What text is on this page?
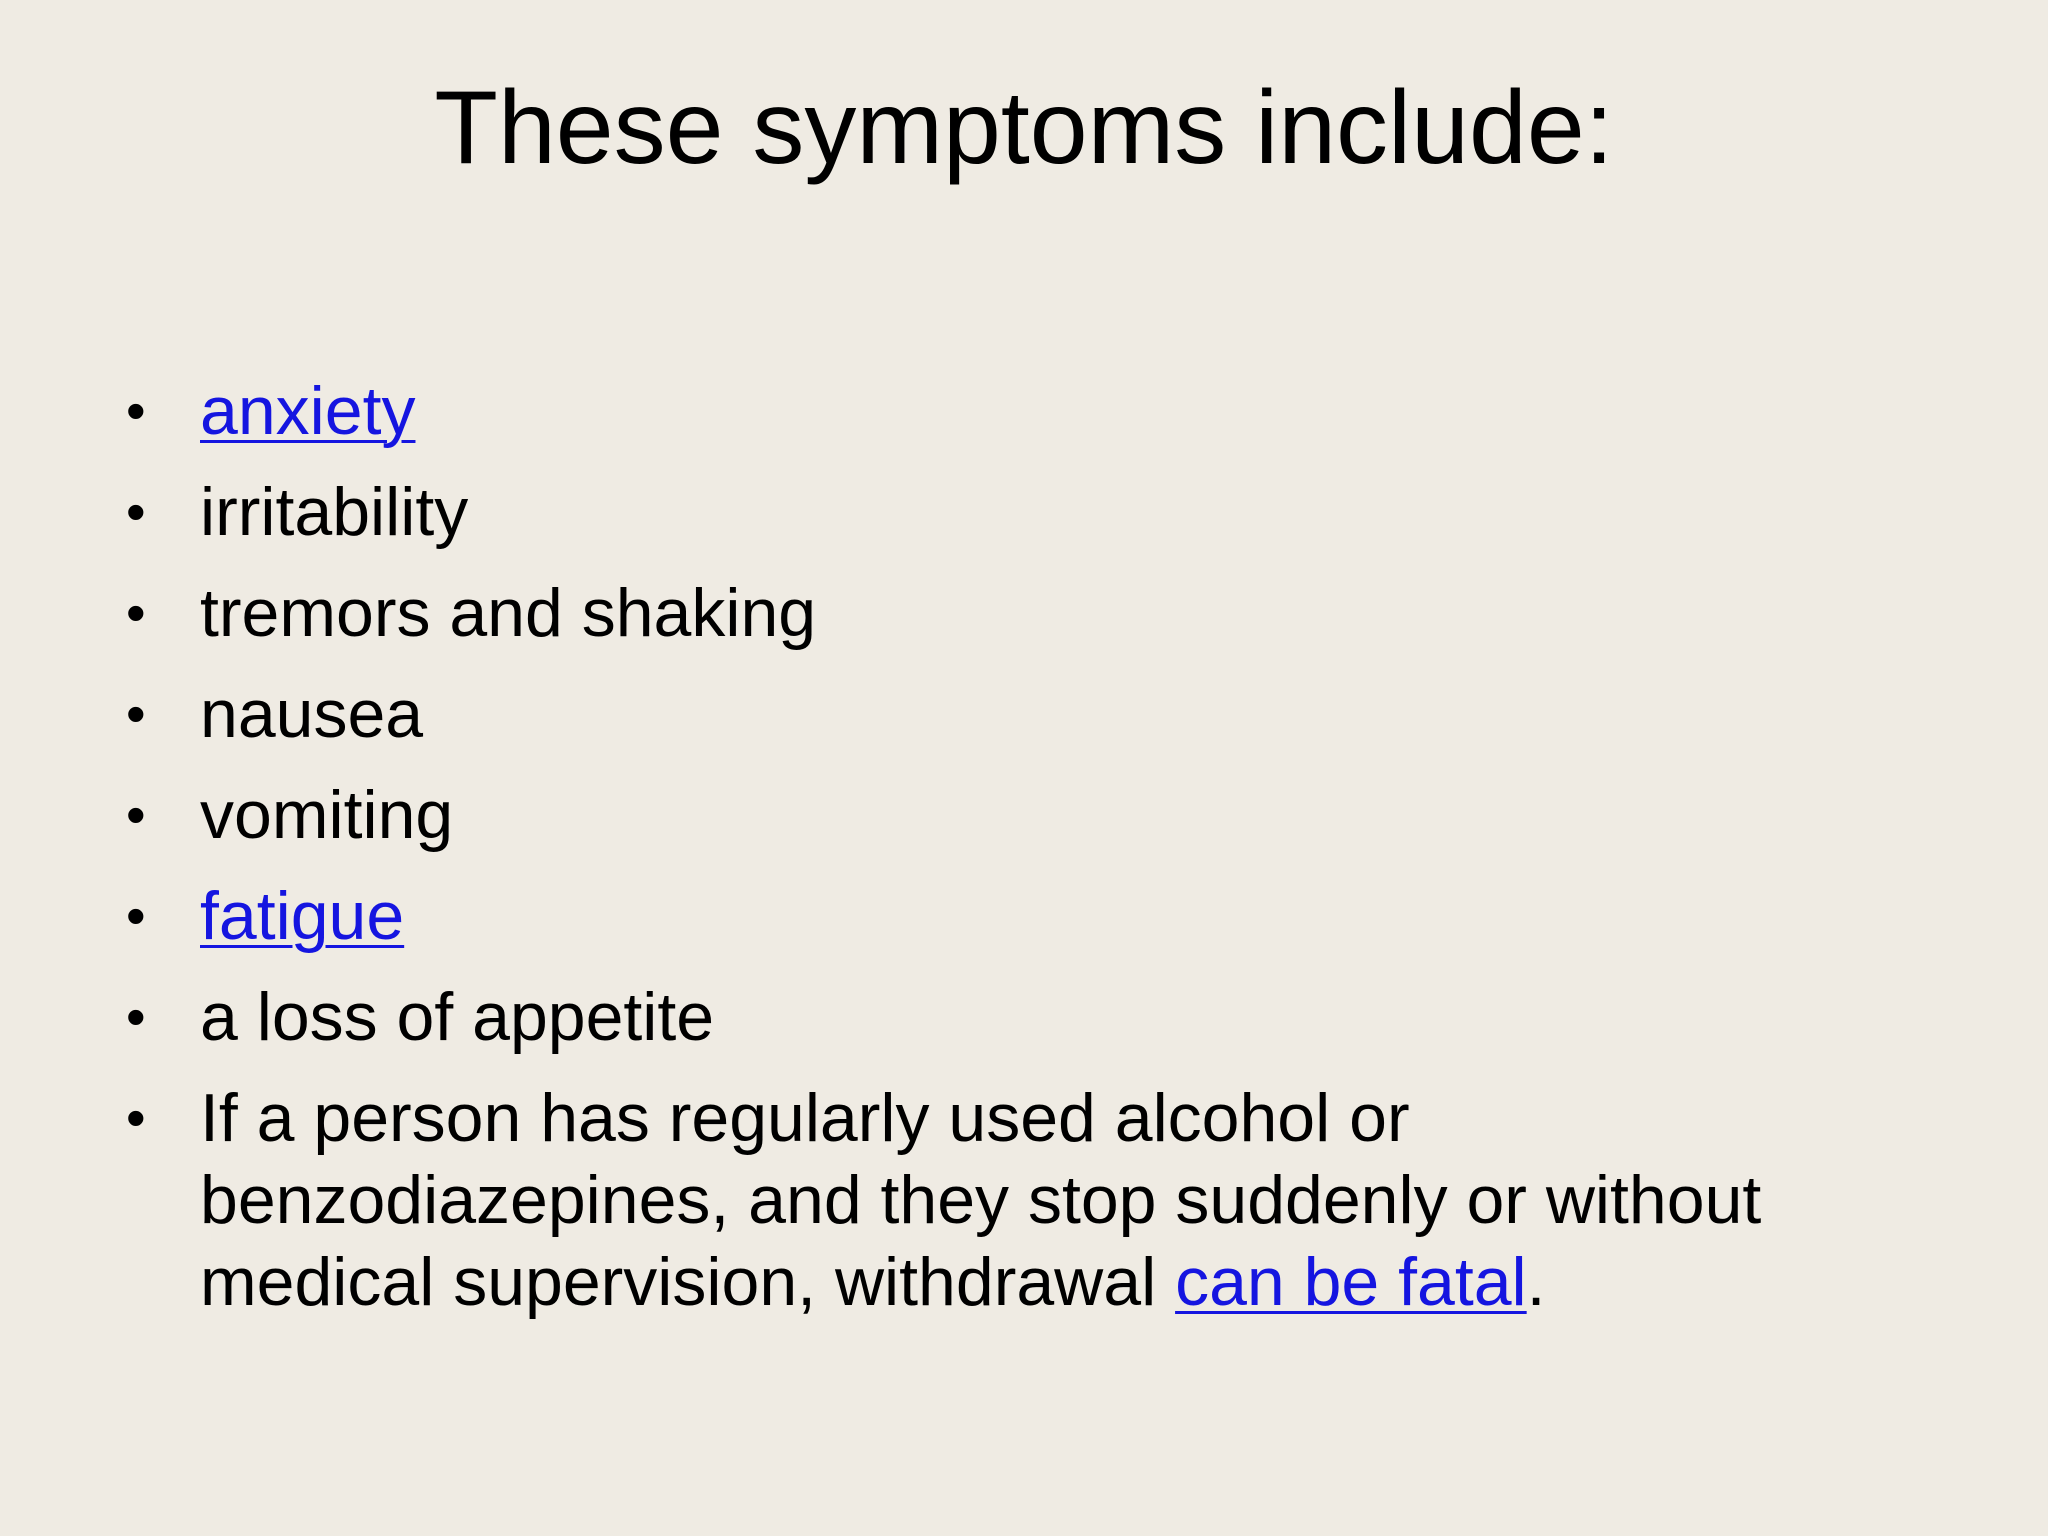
These symptoms include:
• anxiety
• irritability
• tremors and shaking
• nausea
• vomiting
• fatigue
• a loss of appetite
• If a person has regularly used alcohol or benzodiazepines, and they stop suddenly or without medical supervision, withdrawal can be fatal.
